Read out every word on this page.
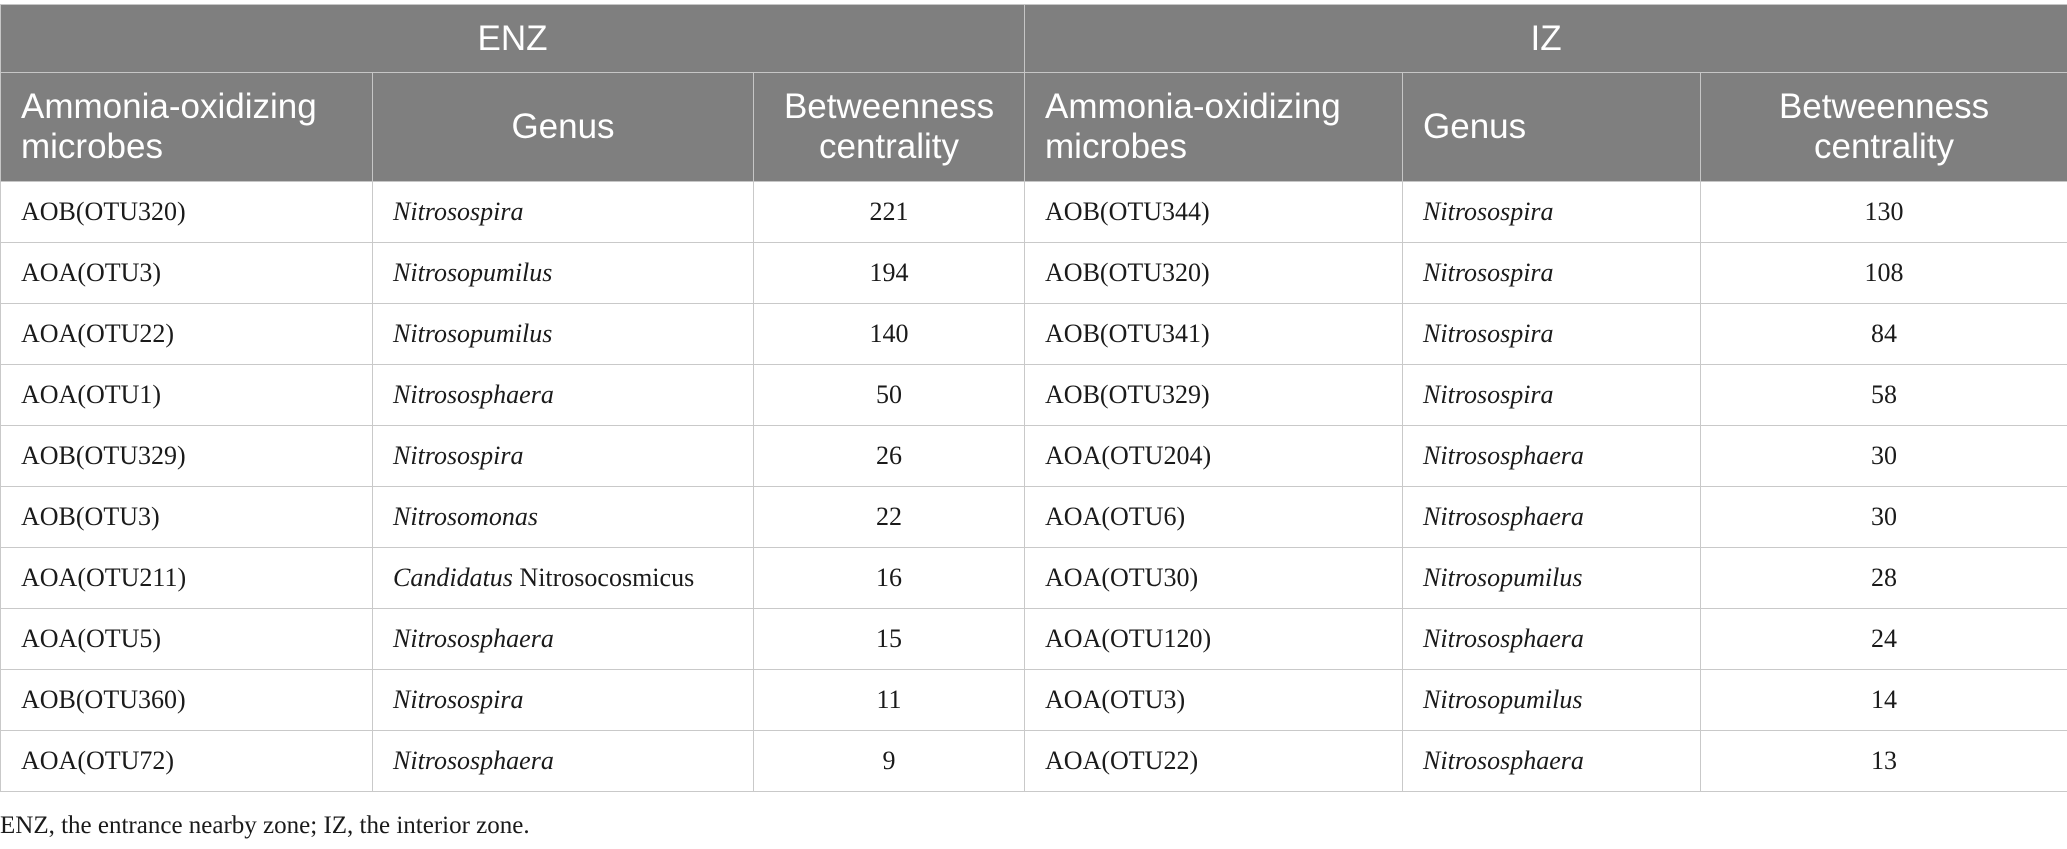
ENZ			IZ		
Ammonia-oxidizing microbes	Genus	Betweenness centrality	Ammonia-oxidizing microbes	Genus	Betweenness centrality
AOB(OTU320)	Nitrosospira	221	AOB(OTU344)	Nitrosospira	130
AOA(OTU3)	Nitrosopumilus	194	AOB(OTU320)	Nitrosospira	108
AOA(OTU22)	Nitrosopumilus	140	AOB(OTU341)	Nitrosospira	84
AOA(OTU1)	Nitrososphaera	50	AOB(OTU329)	Nitrosospira	58
AOB(OTU329)	Nitrosospira	26	AOA(OTU204)	Nitrososphaera	30
AOB(OTU3)	Nitrosomonas	22	AOA(OTU6)	Nitrososphaera	30
AOA(OTU211)	Candidatus Nitrosocosmicus	16	AOA(OTU30)	Nitrosopumilus	28
AOA(OTU5)	Nitrososphaera	15	AOA(OTU120)	Nitrososphaera	24
AOB(OTU360)	Nitrosospira	11	AOA(OTU3)	Nitrosopumilus	14
AOA(OTU72)	Nitrososphaera	9	AOA(OTU22)	Nitrososphaera	13
ENZ, the entrance nearby zone; IZ, the interior zone.
